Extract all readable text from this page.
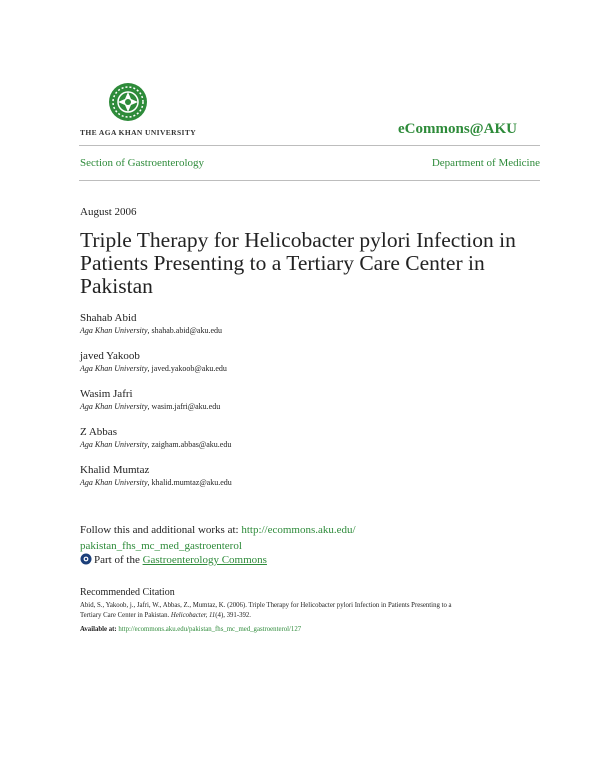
THE AGA KHAN UNIVERSITY	eCommons@AKU
Section of Gastroenterology	Department of Medicine
August 2006
Triple Therapy for Helicobacter pylori Infection in Patients Presenting to a Tertiary Care Center in Pakistan
Shahab Abid
Aga Khan University, shahab.abid@aku.edu
javed Yakoob
Aga Khan University, javed.yakoob@aku.edu
Wasim Jafri
Aga Khan University, wasim.jafri@aku.edu
Z Abbas
Aga Khan University, zaigham.abbas@aku.edu
Khalid Mumtaz
Aga Khan University, khalid.mumtaz@aku.edu
Follow this and additional works at: http://ecommons.aku.edu/
pakistan_fhs_mc_med_gastroenterol
Part of the Gastroenterology Commons
Recommended Citation
Abid, S., Yakoob, j., Jafri, W., Abbas, Z., Mumtaz, K. (2006). Triple Therapy for Helicobacter pylori Infection in Patients Presenting to a
Tertiary Care Center in Pakistan. Helicobacter, 11(4), 391-392.
Available at: http://ecommons.aku.edu/pakistan_fhs_mc_med_gastroenterol/127
